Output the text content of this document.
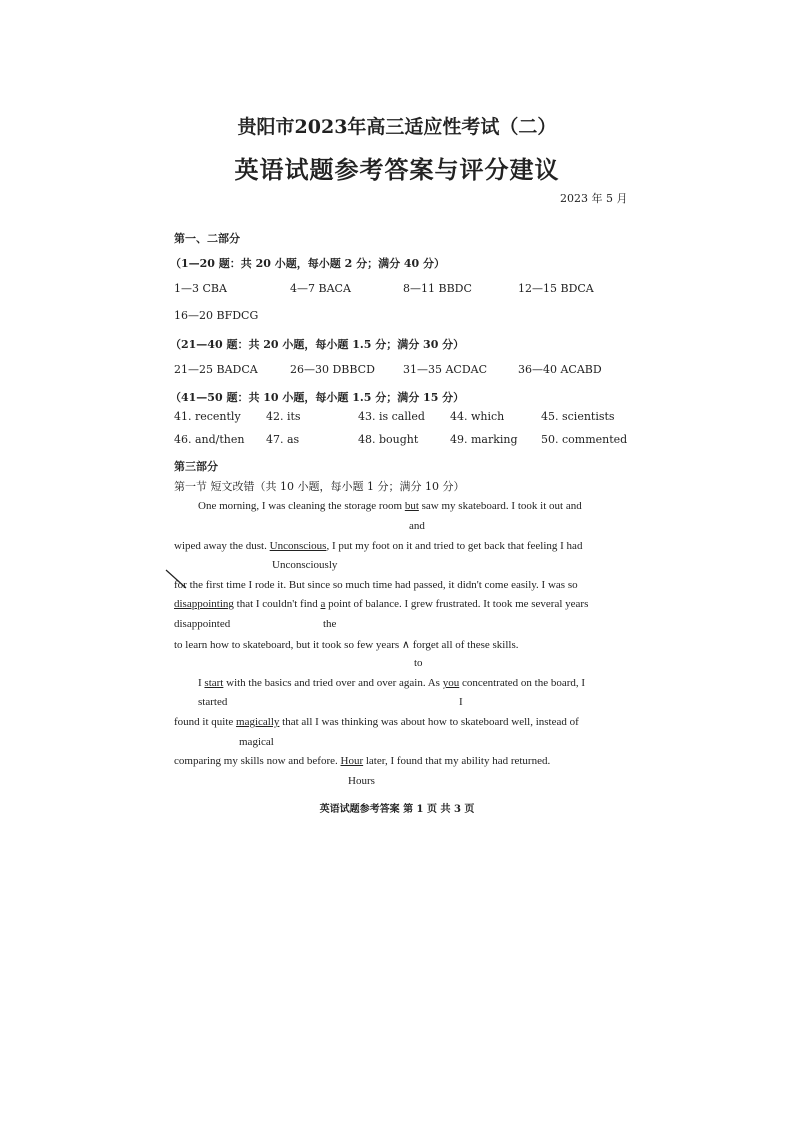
贵阳市2023年高三适应性考试（二）
英语试题参考答案与评分建议
2023 年 5 月
第一、二部分
（1—20 题：共 20 小题，每小题 2 分；满分 40 分）
1—3 CBA	4—7 BACA	8—11 BBDC	12—15 BDCA
16—20 BFDCG
（21—40 题：共 20 小题，每小题 1.5 分；满分 30 分）
21—25 BADCA	26—30 DBBCD	31—35 ACDAC	36—40 ACABD
（41—50 题：共 10 小题，每小题 1.5 分；满分 15 分）
41. recently 42. its	43. is called 44. which	45. scientists
46. and/then 47. as	48. bought	49. marking 50. commented
第三部分
第一节 短文改错（共 10 小题，每小题 1 分；满分 10 分）
One morning, I was cleaning the storage room but saw my skateboard. I took it out and
and
wiped away the dust. Unconscious, I put my foot on it and tried to get back that feeling I had
Unconsciously
for the first time I rode it. But since so much time had passed, it didn't come easily. I was so
disappointing that I couldn't find a point of balance. I grew frustrated. It took me several years
disappointed	the
to learn how to skateboard, but it took so few years ∧ forget all of these skills.
to
I start with the basics and tried over and over again. As you concentrated on the board, I
started	I
found it quite magically that all I was thinking was about how to skateboard well, instead of
magical
comparing my skills now and before. Hour later, I found that my ability had returned.
Hours
英语试题参考答案 第 1 页 共 3 页
